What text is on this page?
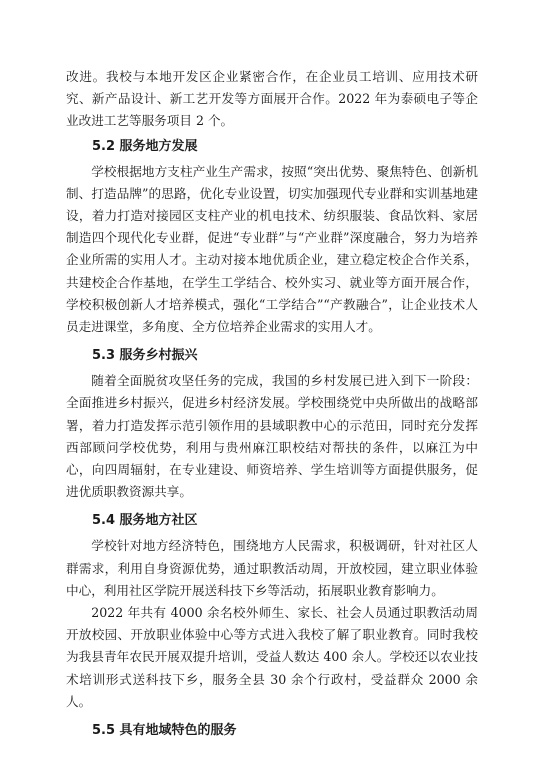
改进。我校与本地开发区企业紧密合作，在企业员工培训、应用技术研究、新产品设计、新工艺开发等方面展开合作。2022 年为泰硕电子等企业改进工艺等服务项目 2 个。

5.2 服务地方发展

学校根据地方支柱产业生产需求，按照“突出优势、聚焦特色、创新机制、打造品牌”的思路，优化专业设置，切实加强现代专业群和实训基地建设，着力打造对接园区支柱产业的机电技术、纺织服装、食品饮料、家居制造四个现代化专业群，促进“专业群”与“产业群”深度融合，努力为培养企业所需的实用人才。主动对接本地优质企业，建立稳定校企合作关系，共建校企合作基地，在学生工学结合、校外实习、就业等方面开展合作，学校积极创新人才培养模式，强化“工学结合”“产教融合”，让企业技术人员走进课堂，多角度、全方位培养企业需求的实用人才。

5.3 服务乡村振兴

随着全面脱贫攻坚任务的完成，我国的乡村发展已进入到下一阶段：全面推进乡村振兴，促进乡村经济发展。学校围绕党中央所做出的战略部署，着力打造发挥示范引领作用的县域职教中心的示范田，同时充分发挥西部顾问学校优势，利用与贵州麻江职校结对帮扶的条件，以麻江为中心，向四周辐射，在专业建设、师资培养、学生培训等方面提供服务，促进优质职教资源共享。

5.4 服务地方社区

学校针对地方经济特色，围绕地方人民需求，积极调研，针对社区人群需求，利用自身资源优势，通过职教活动周，开放校园，建立职业体验中心，利用社区学院开展送科技下乡等活动，拓展职业教育影响力。

2022 年共有 4000 余名校外师生、家长、社会人员通过职教活动周开放校园、开放职业体验中心等方式进入我校了解了职业教育。同时我校为我县青年农民开展双提升培训，受益人数达 400 余人。学校还以农业技术培训形式送科技下乡，服务全县 30 余个行政村，受益群众 2000 余人。

5.5 具有地域特色的服务
